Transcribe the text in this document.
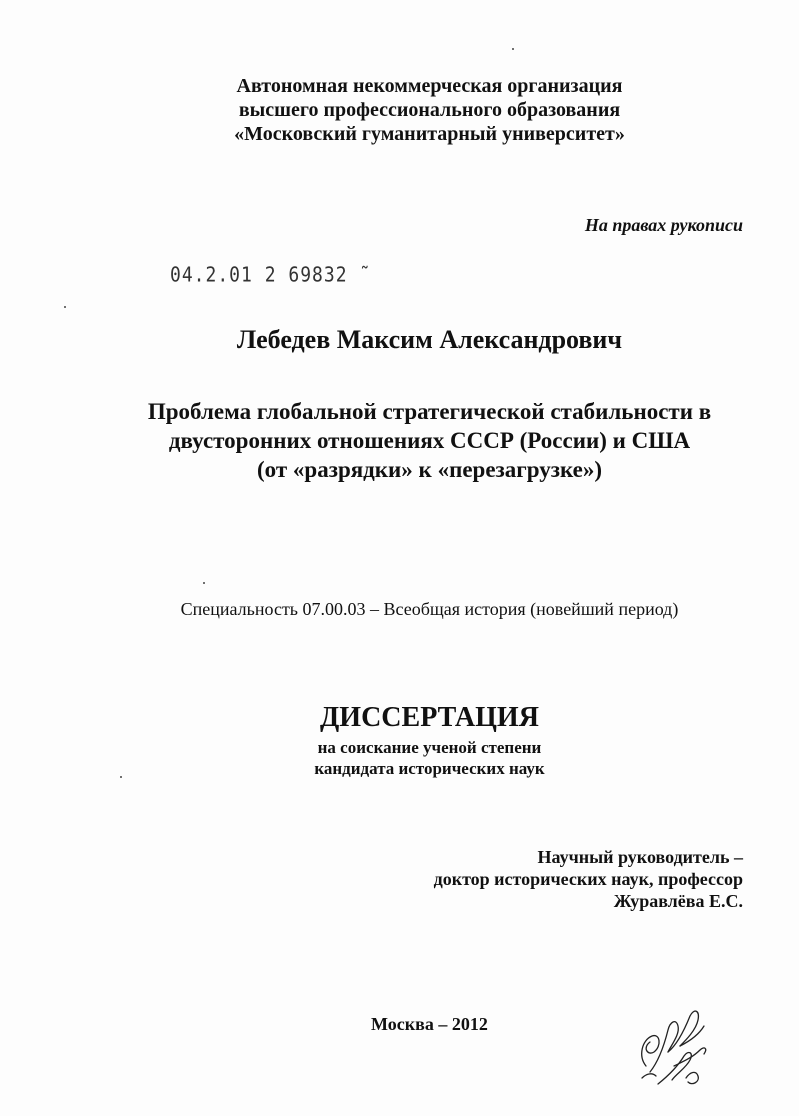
Автономная некоммерческая организация
высшего профессионального образования
«Московский гуманитарный университет»
На правах рукописи
04.2.01 2 69832 ˜
Лебедев Максим Александрович
Проблема глобальной стратегической стабильности в
двусторонних отношениях СССР (России) и США
(от «разрядки» к «перезагрузке»)
Специальность 07.00.03 – Всеобщая история (новейший период)
ДИССЕРТАЦИЯ
на соискание ученой степени
кандидата исторических наук
Научный руководитель –
доктор исторических наук, профессор
Журавлёва Е.С.
Москва – 2012
